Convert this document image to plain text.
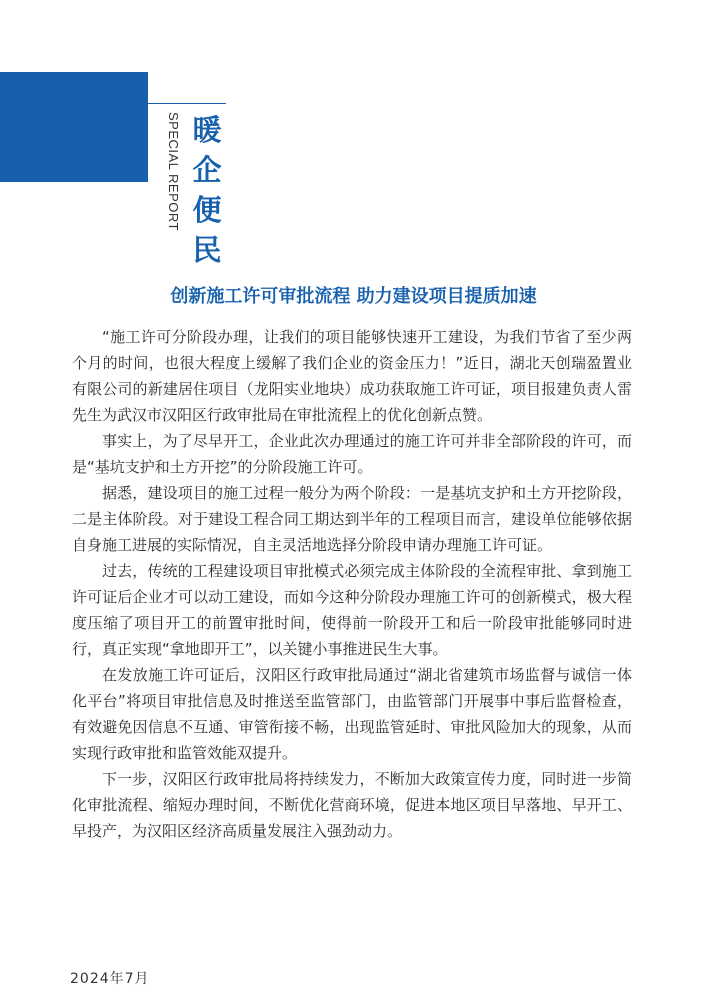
SPECIAL REPORT 暖企便民
创新施工许可审批流程 助力建设项目提质加速

“施工许可分阶段办理，让我们的项目能够快速开工建设，为我们节省了至少两个月的时间，也很大程度上缓解了我们企业的资金压力！”近日，湖北天创瑞盈置业有限公司的新建居住项目（龙阳实业地块）成功获取施工许可证，项目报建负责人雷先生为武汉市汉阳区行政审批局在审批流程上的优化创新点赞。

事实上，为了尽早开工，企业此次办理通过的施工许可并非全部阶段的许可，而是“基坑支护和土方开挖”的分阶段施工许可。

据悉，建设项目的施工过程一般分为两个阶段：一是基坑支护和土方开挖阶段，二是主体阶段。对于建设工程合同工期达到半年的工程项目而言，建设单位能够依据自身施工进展的实际情况，自主灵活地选择分阶段申请办理施工许可证。

过去，传统的工程建设项目审批模式必须完成主体阶段的全流程审批、拿到施工许可证后企业才可以动工建设，而如今这种分阶段办理施工许可的创新模式，极大程度压缩了项目开工的前置审批时间，使得前一阶段开工和后一阶段审批能够同时进行，真正实现“拿地即开工”，以关键小事推进民生大事。

在发放施工许可证后，汉阳区行政审批局通过“湖北省建筑市场监督与诚信一体化平台”将项目审批信息及时推送至监管部门，由监管部门开展事中事后监督检查，有效避免因信息不互通、审管衔接不畅，出现监管延时、审批风险加大的现象，从而实现行政审批和监管效能双提升。

下一步，汉阳区行政审批局将持续发力，不断加大政策宣传力度，同时进一步简化审批流程、缩短办理时间，不断优化营商环境，促进本地区项目早落地、早开工、早投产，为汉阳区经济高质量发展注入强劲动力。

2024年7月
